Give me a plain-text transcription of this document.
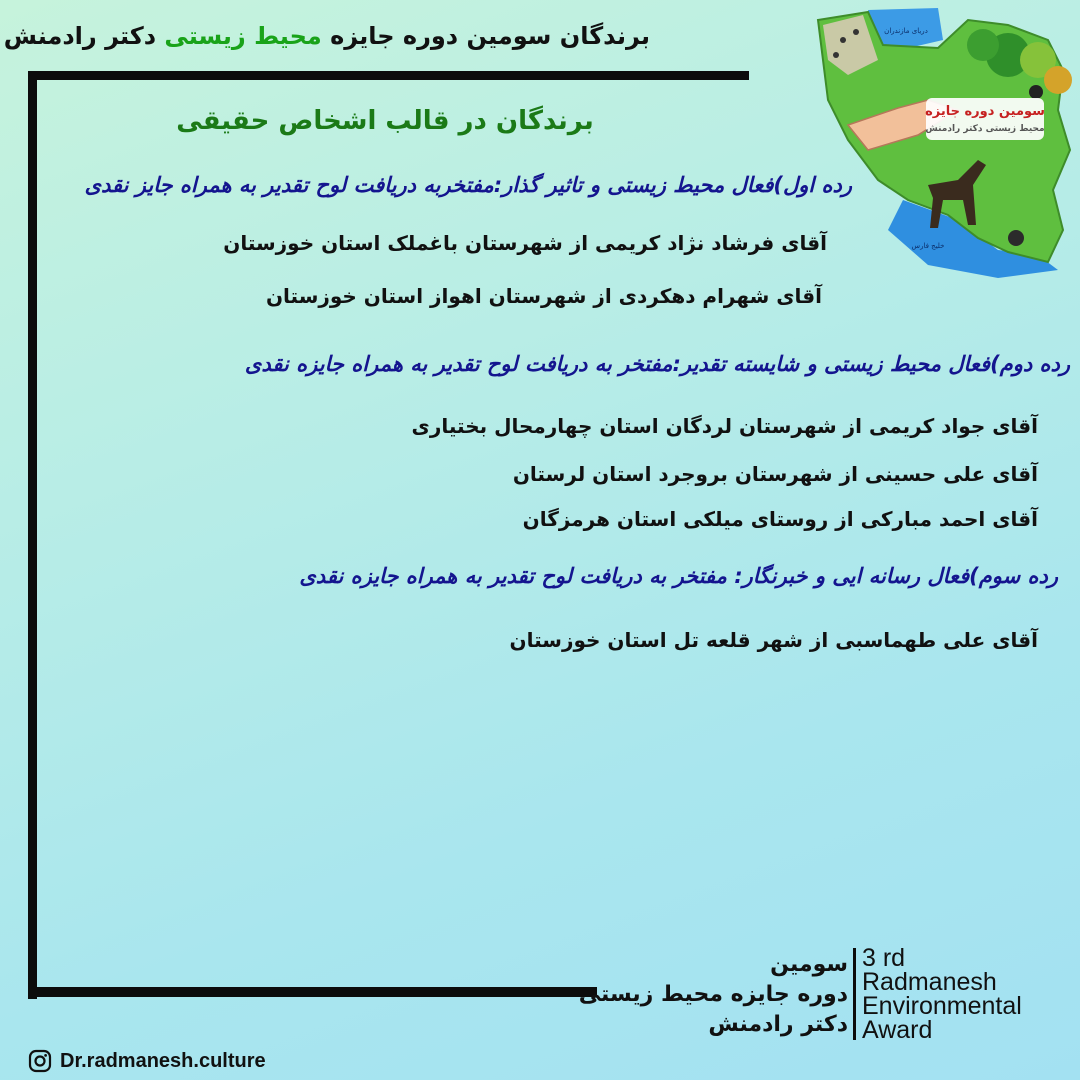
برندگان سومین دوره جایزه محیط زیستی دکتر رادمنش
سومین دوره جایزه
محیط زیستی دکتر رادمنش
دریای مازندران
خلیج فارس
برندگان در قالب اشخاص حقیقی
رده اول)فعال محیط زیستی و تاثیر گذار:مفتخربه دریافت لوح تقدیر به همراه جایز نقدی
آقای فرشاد نژاد کریمی از شهرستان باغملک استان خوزستان
آقای شهرام دهکردی از شهرستان اهواز استان خوزستان
رده دوم)فعال محیط زیستی و شایسته تقدیر:مفتخر به دریافت لوح تقدیر به همراه جایزه نقدی
آقای جواد کریمی از شهرستان لردگان استان چهارمحال بختیاری
آقای علی حسینی از شهرستان بروجرد استان لرستان
آقای احمد مبارکی از روستای میلکی استان هرمزگان
رده سوم)فعال رسانه ایی و خبرنگار: مفتخر به دریافت لوح تقدیر به همراه جایزه نقدی
آقای علی طهماسبی از شهر قلعه تل استان خوزستان
سومین
دوره جایزه محیط زیستی
دکتر رادمنش
3 rd
Radmanesh
Environmental
Award
Dr.radmanesh.culture
